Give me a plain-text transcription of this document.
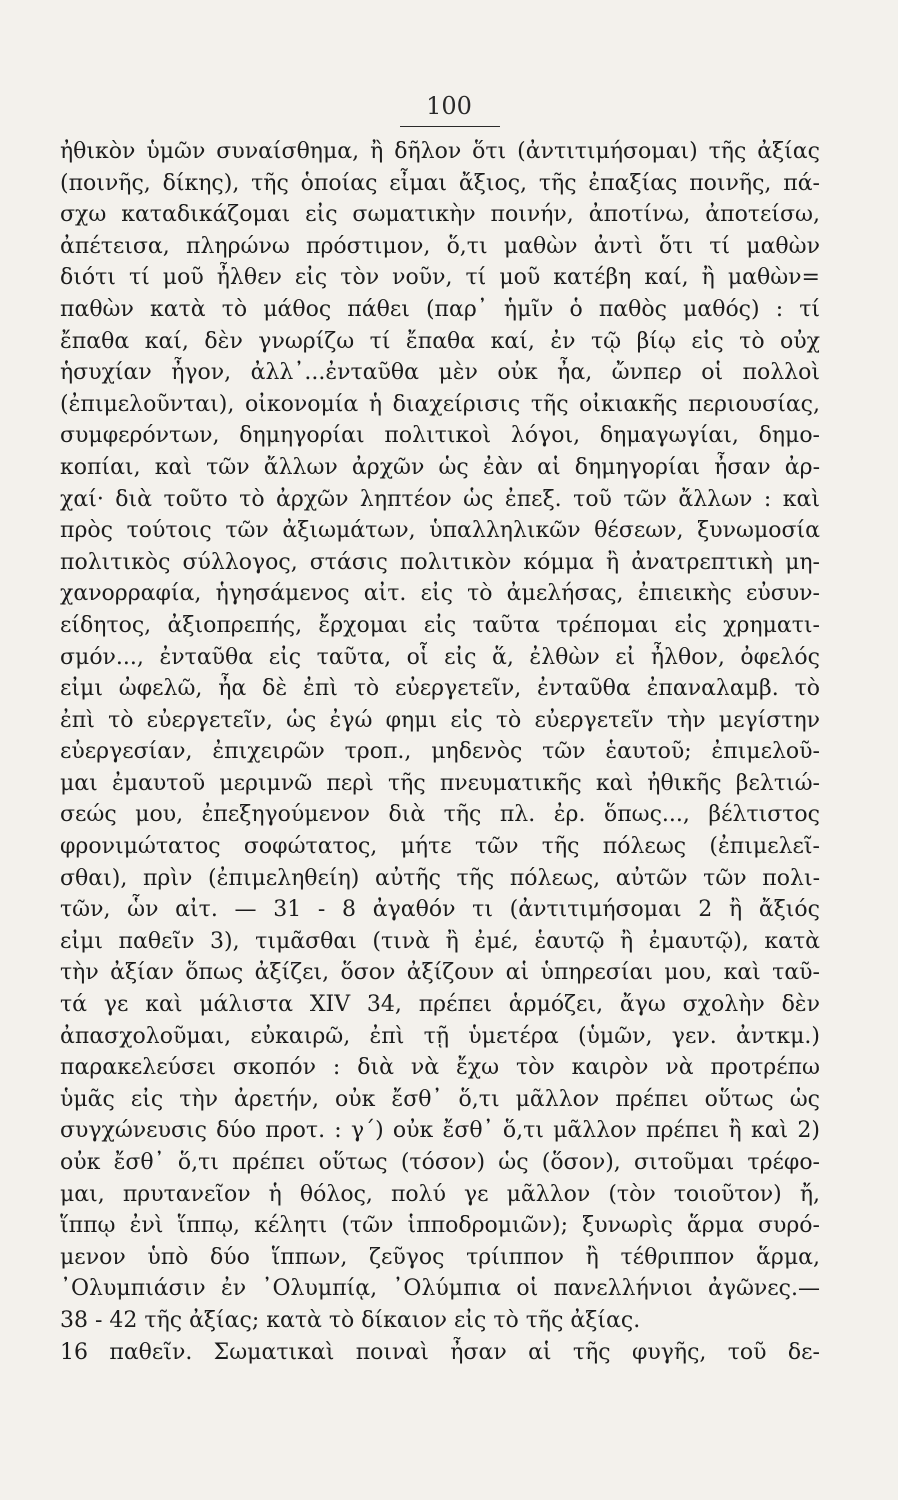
100
ἠθικὸν ὑμῶν συναίσθημα, ἢ δῆλον ὅτι (ἀντιτιμήσομαι) τῆς ἀξίας
(ποινῆς, δίκης), τῆς ὁποίας εἶμαι ἄξιος, τῆς ἐπαξίας ποινῆς, πά-
σχω καταδικάζομαι εἰς σωματικὴν ποινήν, ἀποτίνω, ἀποτείσω,
ἀπέτεισα, πληρώνω πρόστιμον, ὅ,τι μαθὼν ἀντὶ ὅτι τί μαθὼν
διότι τί μοῦ ἦλθεν εἰς τὸν νοῦν, τί μοῦ κατέβη καί, ἢ μαθὼν=
παθὼν κατὰ τὸ μάθος πάθει (παρ᾽ ἡμῖν ὁ παθὸς μαθός) : τί
ἔπαθα καί, δὲν γνωρίζω τί ἔπαθα καί, ἐν τῷ βίῳ εἰς τὸ οὐχ
ἡσυχίαν ἦγον, ἀλλ᾽...ἐνταῦθα μὲν οὐκ ἦα, ὤνπερ οἱ πολλοὶ
(ἐπιμελοῦνται), οἰκονομία ἡ διαχείρισις τῆς οἰκιακῆς περιουσίας,
συμφερόντων, δημηγορίαι πολιτικοὶ λόγοι, δημαγωγίαι, δημο-
κοπίαι, καὶ τῶν ἄλλων ἀρχῶν ὡς ἐὰν αἱ δημηγορίαι ἦσαν ἀρ-
χαί· διὰ τοῦτο τὸ ἀρχῶν ληπτέον ὡς ἐπεξ. τοῦ τῶν ἄλλων : καὶ
πρὸς τούτοις τῶν ἀξιωμάτων, ὑπαλληλικῶν θέσεων, ξυνωμοσία
πολιτικὸς σύλλογος, στάσις πολιτικὸν κόμμα ἢ ἀνατρεπτικὴ μη-
χανορραφία, ἡγησάμενος αἰτ. εἰς τὸ ἀμελήσας, ἐπιεικὴς εὐσυν-
είδητος, ἀξιοπρεπής, ἔρχομαι εἰς ταῦτα τρέπομαι εἰς χρηματι-
σμόν..., ἐνταῦθα εἰς ταῦτα, οἷ εἰς ἅ, ἐλθὼν εἰ ἦλθον, ὀφελός
εἰμι ὠφελῶ, ἦα δὲ ἐπὶ τὸ εὐεργετεῖν, ἐνταῦθα ἐπαναλαμβ. τὸ
ἐπὶ τὸ εὐεργετεῖν, ὡς ἐγώ φημι εἰς τὸ εὐεργετεῖν τὴν μεγίστην
εὐεργεσίαν, ἐπιχειρῶν τροπ., μηδενὸς τῶν ἑαυτοῦ; ἐπιμελοῦ-
μαι ἐμαυτοῦ μεριμνῶ περὶ τῆς πνευματικῆς καὶ ἠθικῆς βελτιώ-
σεώς μου, ἐπεξηγούμενον διὰ τῆς πλ. ἐρ. ὅπως..., βέλτιστος
φρονιμώτατος σοφώτατος, μήτε τῶν τῆς πόλεως (ἐπιμελεῖ-
σθαι), πρὶν (ἐπιμεληθείη) αὐτῆς τῆς πόλεως, αὐτῶν τῶν πολι-
τῶν, ὧν αἰτ. — 31 - 8 ἀγαθόν τι (ἀντιτιμήσομαι 2 ἢ ἄξιός
εἰμι παθεῖν 3), τιμᾶσθαι (τινὰ ἢ ἐμέ, ἑαυτῷ ἢ ἐμαυτῷ), κατὰ
τὴν ἀξίαν ὅπως ἀξίζει, ὅσον ἀξίζουν αἱ ὑπηρεσίαι μου, καὶ ταῦ-
τά γε καὶ μάλιστα XIV 34, πρέπει ἁρμόζει, ἄγω σχολὴν δὲν
ἀπασχολοῦμαι, εὐκαιρῶ, ἐπὶ τῇ ὑμετέρα (ὑμῶν, γεν. ἀντκμ.)
παρακελεύσει σκοπόν : διὰ νὰ ἔχω τὸν καιρὸν νὰ προτρέπω
ὑμᾶς εἰς τὴν ἀρετήν, οὐκ ἔσθ᾽ ὅ,τι μᾶλλον πρέπει οὕτως ὡς
συγχώνευσις δύο προτ. : γ΄) οὐκ ἔσθ᾽ ὅ,τι μᾶλλον πρέπει ἢ καὶ 2)
οὐκ ἔσθ᾽ ὅ,τι πρέπει οὕτως (τόσον) ὡς (ὅσον), σιτοῦμαι τρέφο-
μαι, πρυτανεῖον ἡ θόλος, πολύ γε μᾶλλον (τὸν τοιοῦτον) ἤ,
ἵππῳ ἐνὶ ἵππῳ, κέλητι (τῶν ἱπποδρομιῶν); ξυνωρὶς ἅρμα συρό-
μενον ὑπὸ δύο ἵππων, ζεῦγος τρίιππον ἢ τέθριππον ἅρμα,
᾽Ολυμπιάσιν ἐν ᾽Ολυμπίᾳ, ᾽Ολύμπια οἱ πανελλήνιοι ἀγῶνες.—
38 - 42 τῆς ἀξίας; κατὰ τὸ δίκαιον εἰς τὸ τῆς ἀξίας.
16 παθεῖν. Σωματικαὶ ποιναὶ ἦσαν αἱ τῆς φυγῆς, τοῦ δε-
